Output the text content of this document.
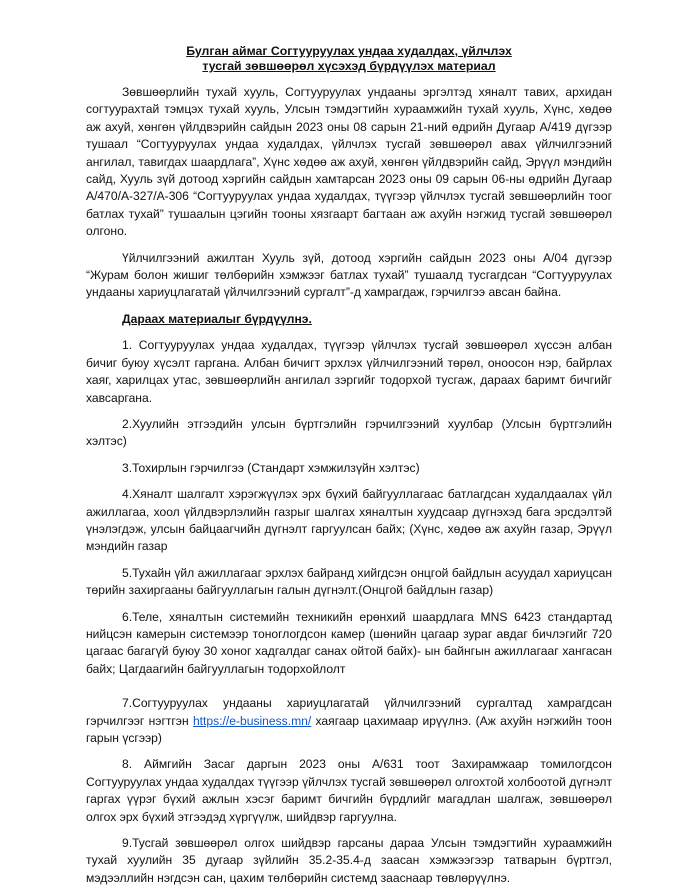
Булган аймаг Согтууруулах ундаа худалдах, үйлчлэх
тусгай зөвшөөрөл хүсэхэд бүрдүүлэх материал

Зөвшөөрлийн тухай хууль, Согтууруулах ундааны эргэлтэд хяналт тавих, архидан согтуурахтай тэмцэх тухай хууль, Улсын тэмдэгтийн хураамжийн тухай хууль, Хүнс, хөдөө аж ахуй, хөнгөн үйлдвэрийн сайдын 2023 оны 08 сарын 21-ний өдрийн Дугаар А/419 дүгээр тушаал “Согтууруулах ундаа худалдах, үйлчлэх тусгай зөвшөөрөл авах үйлчилгээний ангилал, тавигдах шаардлага”, Хүнс хөдөө аж ахуй, хөнгөн үйлдвэрийн сайд, Эрүүл мэндийн сайд, Хууль зүй дотоод хэргийн сайдын хамтарсан 2023 оны 09 сарын 06-ны өдрийн Дугаар А/470/А-327/А-306 “Согтууруулах ундаа худалдах, түүгээр үйлчлэх тусгай зөвшөөрлийн тоог батлах тухай” тушаалын цэгийн тооны хязгаарт багтаан аж ахуйн нэгжид тусгай зөвшөөрөл олгоно.

Үйлчилгээний ажилтан Хууль зүй, дотоод хэргийн сайдын 2023 оны А/04 дүгээр “Журам болон жишиг төлбөрийн хэмжээг батлах тухай” тушаалд тусгагдсан “Согтууруулах ундааны хариуцлагатай үйлчилгээний сургалт”-д хамрагдаж, гэрчилгээ авсан байна.

Дараах материалыг бүрдүүлнэ.

1. Согтууруулах ундаа худалдах, түүгээр үйлчлэх тусгай зөвшөөрөл хүссэн албан бичиг буюу хүсэлт гаргана. Албан бичигт эрхлэх үйлчилгээний төрөл, оноосон нэр, байрлах хаяг, харилцах утас, зөвшөөрлийн ангилал зэргийг тодорхой тусгаж, дараах баримт бичгийг хавсаргана.

2.Хуулийн этгээдийн улсын бүртгэлийн гэрчилгээний хуулбар (Улсын бүртгэлийн хэлтэс)

3.Тохирлын гэрчилгээ (Стандарт хэмжилзүйн хэлтэс)

4.Хяналт шалгалт хэрэгжүүлэх эрх бүхий байгууллагаас батлагдсан худалдаалах үйл ажиллагаа, хоол үйлдвэрлэлийн газрыг шалгах хяналтын хуудсаар дүгнэхэд бага эрсдэлтэй үнэлэгдэж, улсын байцаагчийн дүгнэлт гаргуулсан байх; (Хүнс, хөдөө аж ахуйн газар, Эрүүл мэндийн газар

5.Тухайн үйл ажиллагааг эрхлэх байранд хийгдсэн онцгой байдлын асуудал хариуцсан төрийн захиргааны байгууллагын галын дүгнэлт.(Онцгой байдлын газар)

6.Теле, хяналтын системийн техникийн ерөнхий шаардлага MNS 6423 стандартад нийцсэн камерын системээр тоноглогдсон камер (шөнийн цагаар зураг авдаг бичлэгийг 720 цагаас багагүй буюу 30 хоног хадгалдаг санах ойтой байх)- ын байнгын ажиллагааг хангасан байх; Цагдаагийн байгууллагын тодорхойлолт

7.Согтууруулах ундааны хариуцлагатай үйлчилгээний сургалтад хамрагдсан гэрчилгээг нэгтгэн https://e-business.mn/ хаягаар цахимаар ирүүлнэ. (Аж ахуйн нэгжийн тоон гарын үсгээр)

8. Аймгийн Засаг даргын 2023 оны А/631 тоот Захирамжаар томилогдсон Согтууруулах ундаа худалдах түүгээр үйлчлэх тусгай зөвшөөрөл олгохтой холбоотой дүгнэлт гаргах үүрэг бүхий ажлын хэсэг баримт бичгийн бүрдлийг магадлан шалгаж, зөвшөөрөл олгох эрх бүхий этгээдэд хүргүүлж, шийдвэр гаргуулна.

9.Тусгай зөвшөөрөл олгох шийдвэр гарсаны дараа Улсын тэмдэгтийн хураамжийн тухай хуулийн 35 дугаар зүйлийн 35.2-35.4-д заасан хэмжээгээр татварын бүртгэл, мэдээллийн нэгдсэн сан, цахим төлбөрийн системд зааснаар төвлөрүүлнэ.
